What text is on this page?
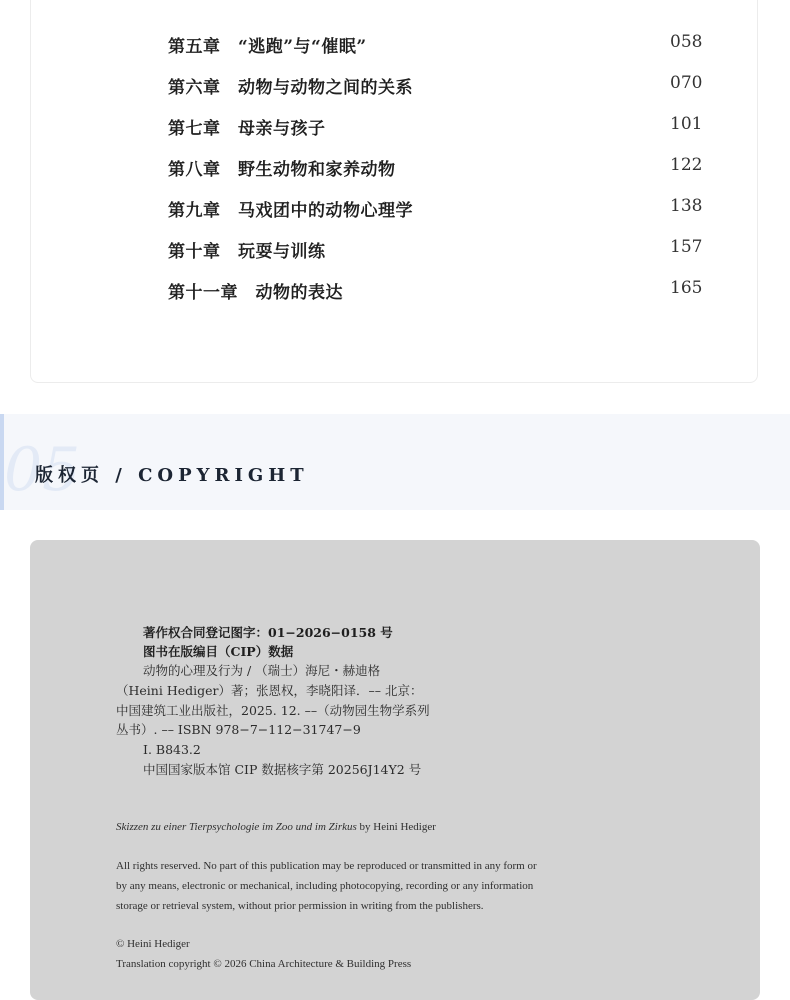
第五章　“逃跑”与“催眠”	058
第六章　动物与动物之间的关系	070
第七章　母亲与孩子	101
第八章　野生动物和家养动物	122
第九章　马戏团中的动物心理学	138
第十章　玩耍与训练	157
第十一章　动物的表达	165
05
版权页 / COPYRIGHT
著作权合同登记图字：01−2026−0158 号
图书在版编目（CIP）数据
动物的心理及行为 / （瑞士）海尼・赫迪格
（Heini Hediger）著；张恩权，李晓阳译．–– 北京：
中国建筑工业出版社，2025. 12. ––（动物园生物学系列
丛书）. –– ISBN 978−7−112−31747−9
Ⅰ. B843.2
中国国家版本馆 CIP 数据核字第 20256J14Y2 号
Skizzen zu einer Tierpsychologie im Zoo und im Zirkus by Heini Hediger
All rights reserved. No part of this publication may be reproduced or transmitted in any form or
by any means, electronic or mechanical, including photocopying, recording or any information
storage or retrieval system, without prior permission in writing from the publishers.
© Heini Hediger
Translation copyright © 2026 China Architecture & Building Press
